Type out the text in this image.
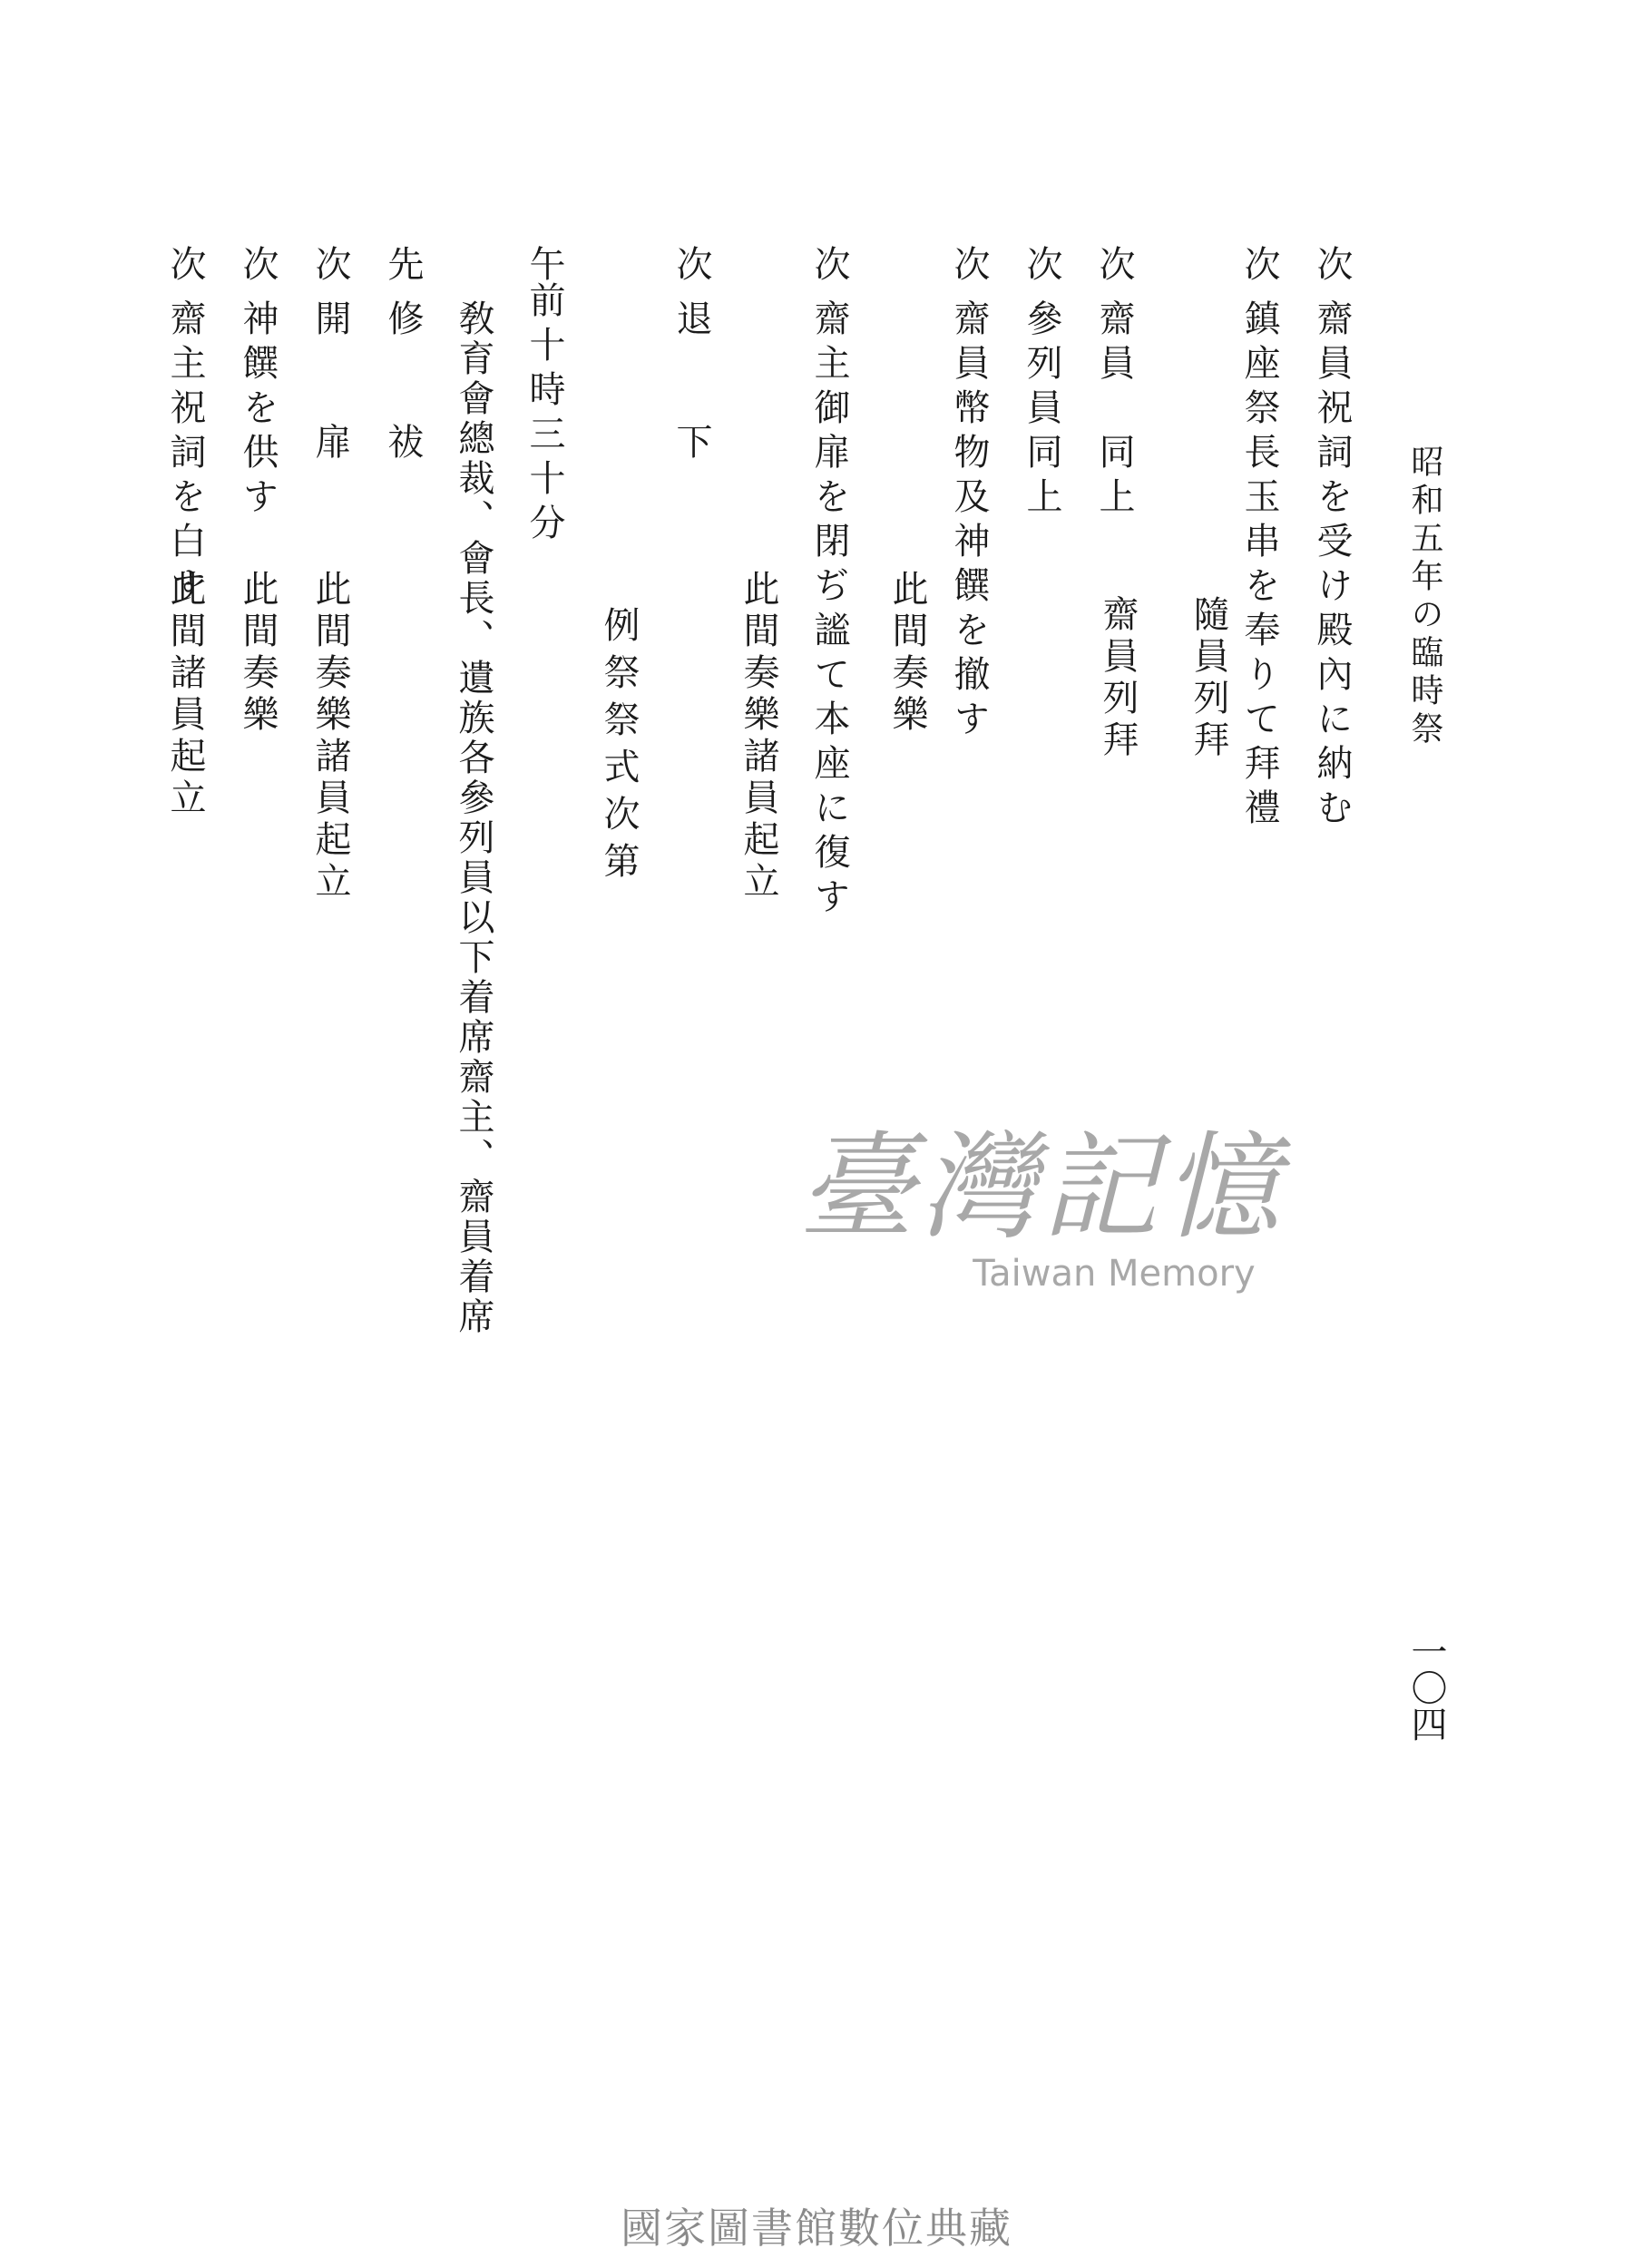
昭和五年の臨時祭
一〇四
次齋員祝詞を受け殿內に納む
次鎮座祭長玉串を奉りて拜禮
隨員列拜
次齋員　同上
齋員列拜
次參列員同上
次齋員幣物及神饌を撤す
此間奏樂
次齋主御扉を閉ぢ謐て本座に復す
此間奏樂諸員起立
次退　下
例祭祭式次第
午前十時三十分
敎育會總裁、會長、遺族各參列員以下着席齋主、齋員着席
先修　祓
次開　扉
此間奏樂諸員起立
次神饌を供す
此間奏樂
次齋主祝詞を白す
此間諸員起立
臺灣記憶
Taiwan Memory
國家圖書館數位典藏
